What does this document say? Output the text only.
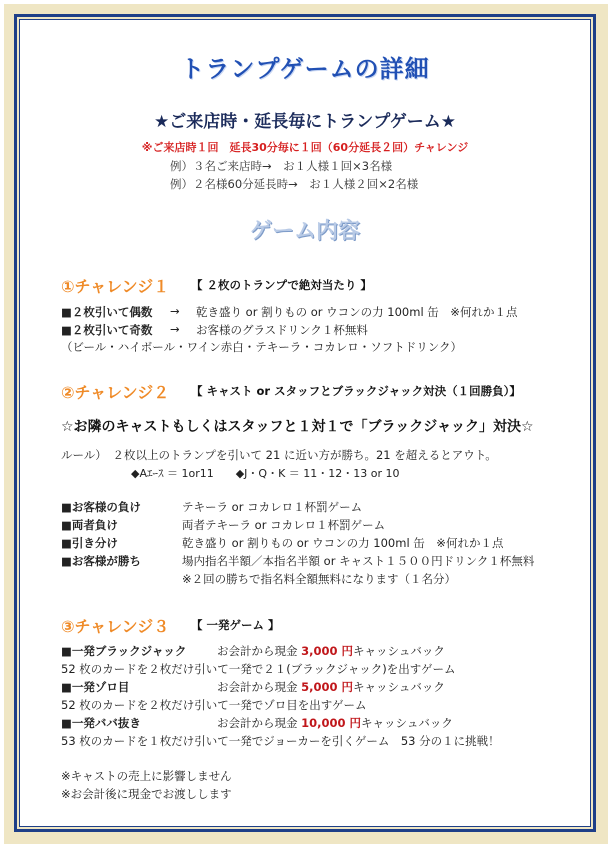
トランプゲームの詳細
★ご来店時・延長毎にトランプゲーム★
※ご来店時１回　延長30分毎に１回（60分延長２回）チャレンジ
例）３名ご来店時→　お１人様１回×3名様
例）２名様60分延長時→　お１人様２回×2名様
ゲーム内容
①チャレンジ１ 【 ２枚のトランプで絶対当たり 】
■２枚引いて偶数 → 乾き盛り or 割りもの or ウコンの力 100ml 缶　※何れか１点
■２枚引いて奇数 → お客様のグラスドリンク１杯無料
（ビール・ハイボール・ワイン赤白・テキーラ・コカレロ・ソフトドリンク）
②チャレンジ２ 【 キャスト or スタッフとブラックジャック対決（１回勝負）】
☆お隣のキャストもしくはスタッフと１対１で「ブラックジャック」対決☆
ルール）　２枚以上のトランプを引いて 21 に近い方が勝ち。21 を超えるとアウト。
◆Aｴｰｽ ＝ 1or11　　◆J・Q・K ＝ 11・12・13 or 10
■お客様の負け	テキーラ or コカレロ１杯罰ゲーム
■両者負け	両者テキーラ or コカレロ１杯罰ゲーム
■引き分け	乾き盛り or 割りもの or ウコンの力 100ml 缶　※何れか１点
■お客様が勝ち	場内指名半額／本指名半額 or キャスト１５００円ドリンク１杯無料
※２回の勝ちで指名料全額無料になります（１名分）
③チャレンジ３ 【 一発ゲーム 】
■一発ブラックジャック	お会計から現金 3,000 円キャッシュバック
52 枚のカードを２枚だけ引いて一発で２１(ブラックジャック)を出すゲーム
■一発ゾロ目	お会計から現金 5,000 円キャッシュバック
52 枚のカードを２枚だけ引いて一発でゾロ目を出すゲーム
■一発ババ抜き	お会計から現金 10,000 円キャッシュバック
53 枚のカードを１枚だけ引いて一発でジョーカーを引くゲーム　53 分の１に挑戦！
※キャストの売上に影響しません
※お会計後に現金でお渡しします
